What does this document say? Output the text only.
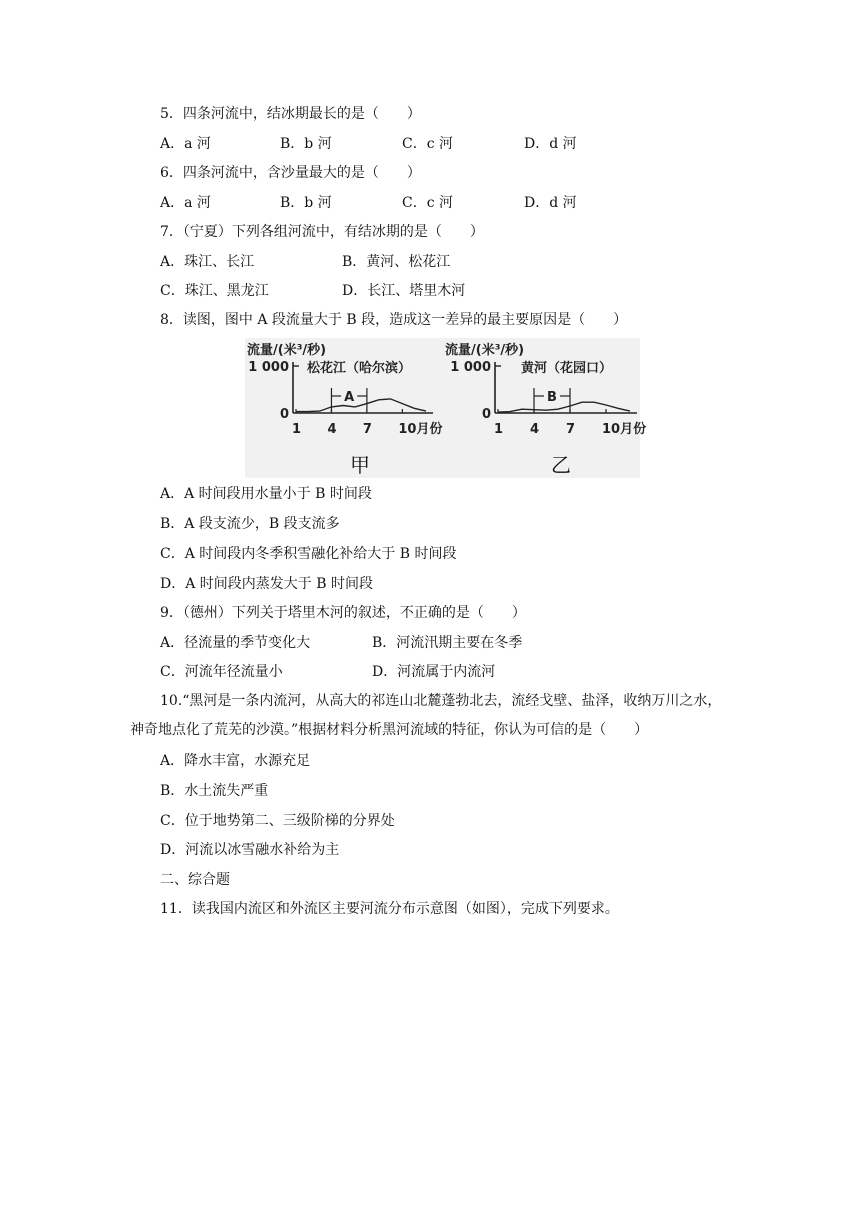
5．四条河流中，结冰期最长的是（　　）
A．a 河	B．b 河	C．c 河	D．d 河
6．四条河流中，含沙量最大的是（　　）
A．a 河	B．b 河	C．c 河	D．d 河
7．（宁夏）下列各组河流中，有结冰期的是（　　）
A．珠江、长江	B．黄河、松花江
C．珠江、黑龙江	D．长江、塔里木河
8．读图，图中 A 段流量大于 B 段，造成这一差异的最主要原因是（　　）
流量/(米³/秒)
松花江（哈尔滨）
1 000
0
1 4 7 10月份
A
甲
流量/(米³/秒)
黄河（花园口）
1 000
0
1 4 7 10月份
B
乙
A．A 时间段用水量小于 B 时间段
B．A 段支流少，B 段支流多
C．A 时间段内冬季积雪融化补给大于 B 时间段
D．A 时间段内蒸发大于 B 时间段
9．（德州）下列关于塔里木河的叙述，不正确的是（　　）
A．径流量的季节变化大	B．河流汛期主要在冬季
C．河流年径流量小	D．河流属于内流河
10.“黑河是一条内流河，从高大的祁连山北麓蓬勃北去，流经戈壁、盐泽，收纳万川之水，神奇地点化了荒芜的沙漠。”根据材料分析黑河流域的特征，你认为可信的是（　　）
A．降水丰富，水源充足
B．水土流失严重
C．位于地势第二、三级阶梯的分界处
D．河流以冰雪融水补给为主
二、综合题
11．读我国内流区和外流区主要河流分布示意图（如图），完成下列要求。
